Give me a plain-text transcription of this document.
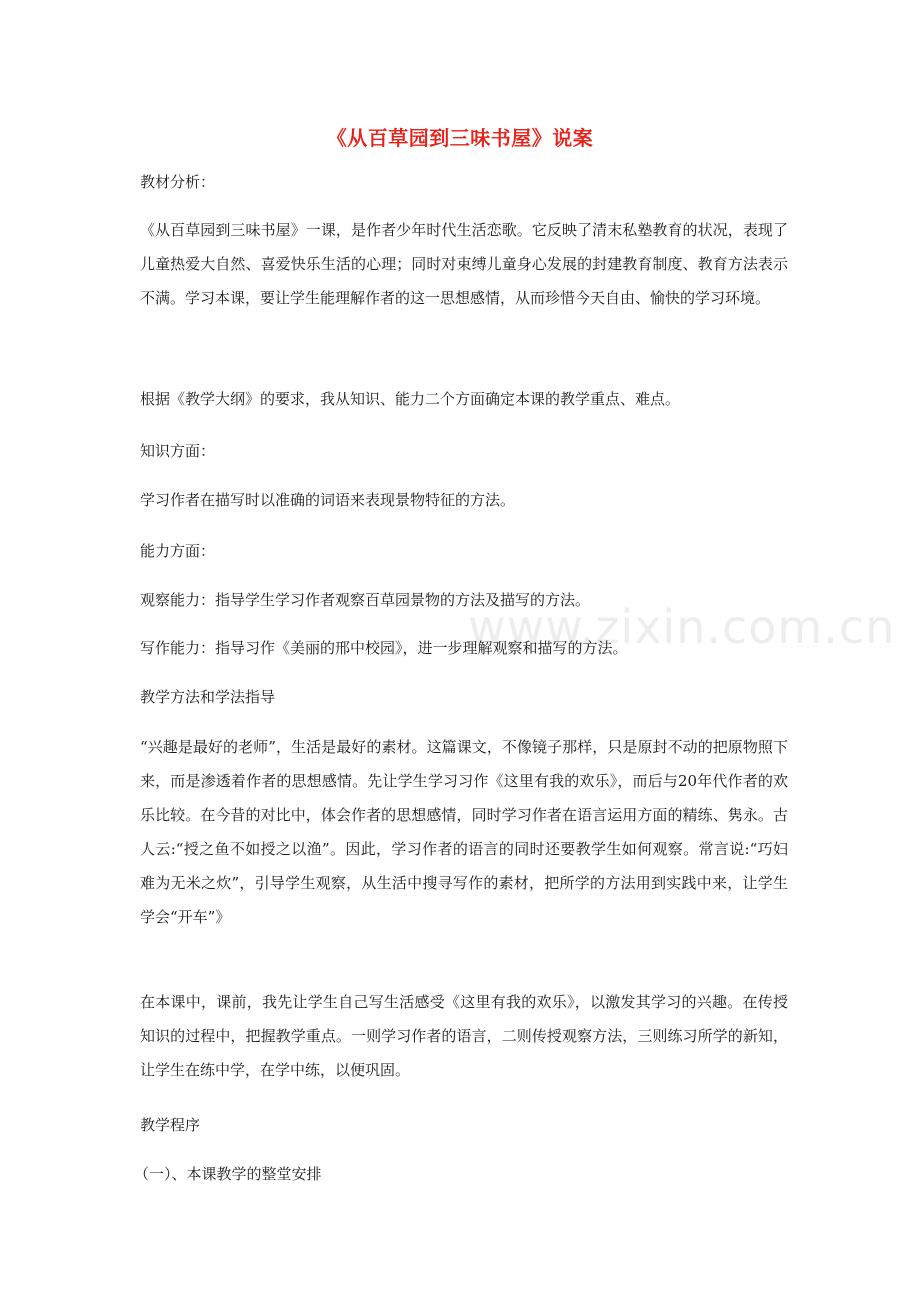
《从百草园到三味书屋》说案
教材分析：
《从百草园到三味书屋》一课，是作者少年时代生活恋歌。它反映了清末私塾教育的状况，表现了儿童热爱大自然、喜爱快乐生活的心理；同时对束缚儿童身心发展的封建教育制度、教育方法表示不满。学习本课，要让学生能理解作者的这一思想感情，从而珍惜今天自由、愉快的学习环境。
根据《教学大纲》的要求，我从知识、能力二个方面确定本课的教学重点、难点。
知识方面：
学习作者在描写时以准确的词语来表现景物特征的方法。
能力方面：
观察能力：指导学生学习作者观察百草园景物的方法及描写的方法。
写作能力：指导习作《美丽的邢中校园》，进一步理解观察和描写的方法。
教学方法和学法指导
“兴趣是最好的老师”，生活是最好的素材。这篇课文，不像镜子那样，只是原封不动的把原物照下来，而是渗透着作者的思想感情。先让学生学习习作《这里有我的欢乐》，而后与20年代作者的欢乐比较。在今昔的对比中，体会作者的思想感情，同时学习作者在语言运用方面的精练、隽永。古人云:“授之鱼不如授之以渔”。因此，学习作者的语言的同时还要教学生如何观察。常言说:“巧妇难为无米之炊”，引导学生观察，从生活中搜寻写作的素材，把所学的方法用到实践中来，让学生学会“开车”》
在本课中，课前，我先让学生自己写生活感受《这里有我的欢乐》，以激发其学习的兴趣。在传授知识的过程中，把握教学重点。一则学习作者的语言，二则传授观察方法，三则练习所学的新知，让学生在练中学，在学中练，以便巩固。
教学程序
（一）、本课教学的整堂安排
www.zixin.com.cn
